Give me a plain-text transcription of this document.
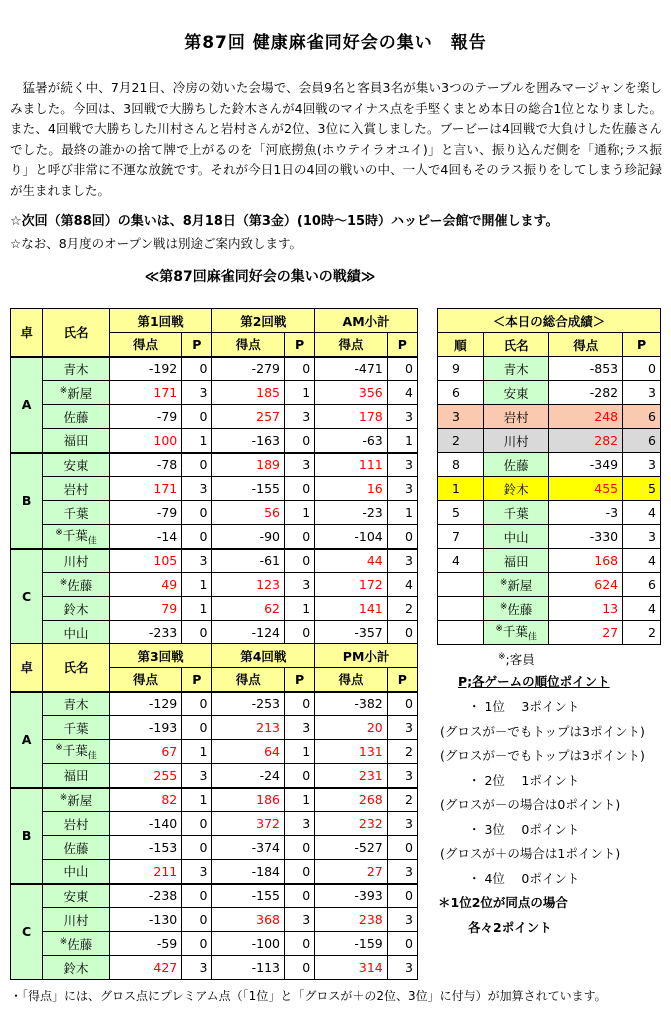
第87回 健康麻雀同好会の集い　報告
猛暑が続く中、7月21日、冷房の効いた会場で、会員9名と客員3名が集い3つのテーブルを囲みマージャンを楽しみました。今回は、3回戦で大勝ちした鈴木さんが4回戦のマイナス点を手堅くまとめ本日の総合1位となりました。また、4回戦で大勝ちした川村さんと岩村さんが2位、3位に入賞しました。ブービーは4回戦で大負けした佐藤さんでした。最終の誰かの捨て牌で上がるのを「河底撈魚(ホウテイラオユイ)」と言い、振り込んだ側を「通称;ラス振り」と呼び非常に不運な放銃です。それが今日1日の4回の戦いの中、一人で4回もそのラス振りをしてしまう珍記録が生まれました。
☆次回（第88回）の集いは、8月18日（第3金）(10時～15時）ハッピー会館で開催します。
☆なお、8月度のオープン戦は別途ご案内致します。
≪第87回麻雀同好会の集いの戦績≫
卓	氏名	第1回戦		第2回戦		AM小計	
		得点	P	得点	P	得点	P
A	青木	-192	0	-279	0	-471	0
	※新屋	171	3	185	1	356	4
	佐藤	-79	0	257	3	178	3
	福田	100	1	-163	0	-63	1
B	安東	-78	0	189	3	111	3
	岩村	171	3	-155	0	16	3
	千葉	-79	0	56	1	-23	1
	※千葉$_佳$	-14	0	-90	0	-104	0
C	川村	105	3	-61	0	44	3
	※佐藤	49	1	123	3	172	4
	鈴木	79	1	62	1	141	2
	中山	-233	0	-124	0	-357	0
卓	氏名	第3回戦		第4回戦		PM小計	
		得点	P	得点	P	得点	P
A	青木	-129	0	-253	0	-382	0
	千葉	-193	0	213	3	20	3
	※千葉$_佳$	67	1	64	1	131	2
	福田	255	3	-24	0	231	3
B	※新屋	82	1	186	1	268	2
	岩村	-140	0	372	3	232	3
	佐藤	-153	0	-374	0	-527	0
	中山	211	3	-184	0	27	3
C	安東	-238	0	-155	0	-393	0
	川村	-130	0	368	3	238	3
	※佐藤	-59	0	-100	0	-159	0
	鈴木	427	3	-113	0	314	3
＜本日の総合成績＞			
順	氏名	得点	P
9	青木	-853	0
6	安東	-282	3
3	岩村	248	6
2	川村	282	6
8	佐藤	-349	3
1	鈴木	455	5
5	千葉	-3	4
7	中山	-330	3
4	福田	168	4
	※新屋	624	6
	※佐藤	13	4
	※千葉$_佳$	27	2
※;客員
P;各ゲームの順位ポイント
・ 1位　 3ポイント
(グロスが－でもトップは3ポイント)
(グロスが－でもトップは3ポイント)
・ 2位　 1ポイント
(グロスが－の場合は0ポイント)
・ 3位　 0ポイント
(グロスが＋の場合は1ポイント)
・ 4位　 0ポイント
＊1位2位が同点の場合
各々2ポイント
・「得点」には、グロス点にプレミアム点（「1位」と「グロスが＋の2位、3位」に付与）が加算されています。
